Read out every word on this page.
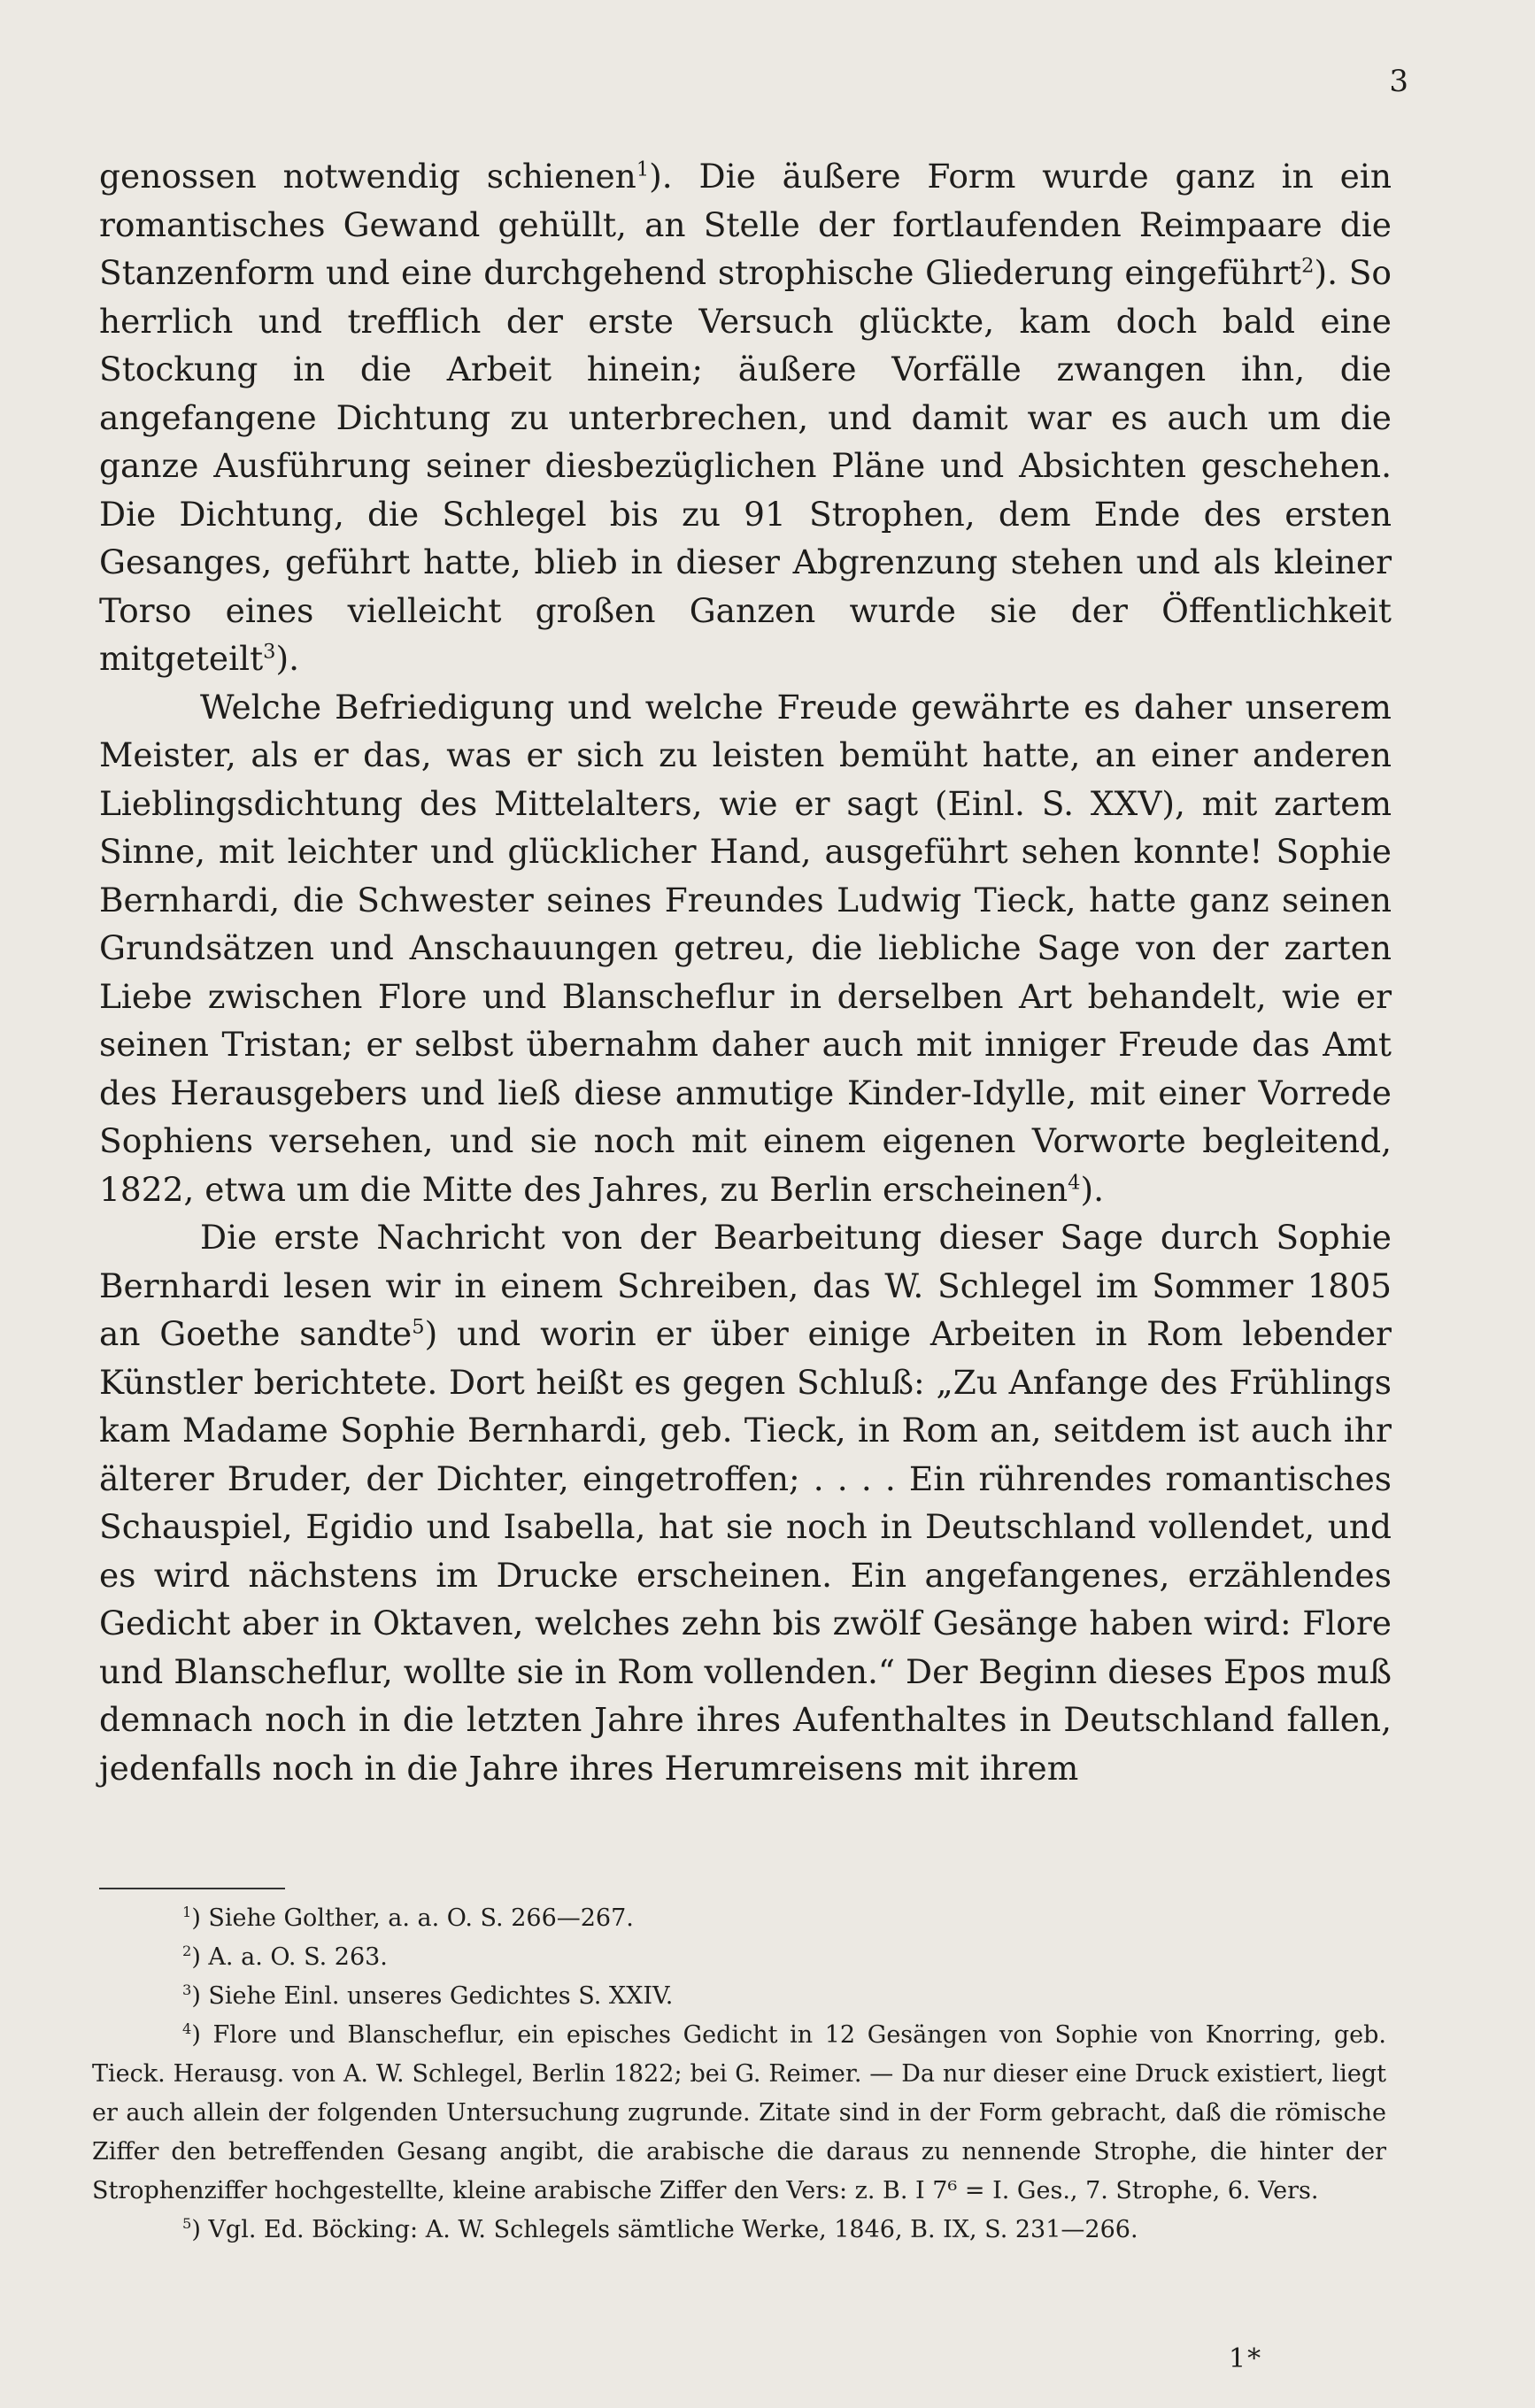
3

genossen notwendig schienen$^1$). Die äußere Form wurde ganz in ein romantisches Gewand gehüllt, an Stelle der fortlaufenden Reimpaare die Stanzenform und eine durchgehend strophische Gliederung eingeführt$^2$). So herrlich und trefflich der erste Versuch glückte, kam doch bald eine Stockung in die Arbeit hinein; äußere Vorfälle zwangen ihn, die angefangene Dichtung zu unterbrechen, und damit war es auch um die ganze Ausführung seiner diesbezüglichen Pläne und Absichten geschehen. Die Dichtung, die Schlegel bis zu 91 Strophen, dem Ende des ersten Gesanges, geführt hatte, blieb in dieser Abgrenzung stehen und als kleiner Torso eines vielleicht großen Ganzen wurde sie der Öffentlichkeit mitgeteilt$^3$).

Welche Befriedigung und welche Freude gewährte es daher unserem Meister, als er das, was er sich zu leisten bemüht hatte, an einer anderen Lieblingsdichtung des Mittelalters, wie er sagt (Einl. S. XXV), mit zartem Sinne, mit leichter und glücklicher Hand, ausgeführt sehen konnte! Sophie Bernhardi, die Schwester seines Freundes Ludwig Tieck, hatte ganz seinen Grundsätzen und Anschauungen getreu, die liebliche Sage von der zarten Liebe zwischen Flore und Blanscheflur in derselben Art behandelt, wie er seinen Tristan; er selbst übernahm daher auch mit inniger Freude das Amt des Herausgebers und ließ diese anmutige Kinder-Idylle, mit einer Vorrede Sophiens versehen, und sie noch mit einem eigenen Vorworte begleitend, 1822, etwa um die Mitte des Jahres, zu Berlin erscheinen$^4$).

Die erste Nachricht von der Bearbeitung dieser Sage durch Sophie Bernhardi lesen wir in einem Schreiben, das W. Schlegel im Sommer 1805 an Goethe sandte$^5$) und worin er über einige Arbeiten in Rom lebender Künstler berichtete. Dort heißt es gegen Schluß: „Zu Anfange des Frühlings kam Madame Sophie Bernhardi, geb. Tieck, in Rom an, seitdem ist auch ihr älterer Bruder, der Dichter, eingetroffen; . . . . Ein rührendes romantisches Schauspiel, Egidio und Isabella, hat sie noch in Deutschland vollendet, und es wird nächstens im Drucke erscheinen. Ein angefangenes, erzählendes Gedicht aber in Oktaven, welches zehn bis zwölf Gesänge haben wird: Flore und Blanscheflur, wollte sie in Rom vollenden.“ Der Beginn dieses Epos muß demnach noch in die letzten Jahre ihres Aufenthaltes in Deutschland fallen, jedenfalls noch in die Jahre ihres Herumreisens mit ihrem

$^1$) Siehe Golther, a. a. O. S. 266—267.

$^2$) A. a. O. S. 263.

$^3$) Siehe Einl. unseres Gedichtes S. XXIV.

$^4$) Flore und Blanscheflur, ein episches Gedicht in 12 Gesängen von Sophie von Knorring, geb. Tieck. Herausg. von A. W. Schlegel, Berlin 1822; bei G. Reimer. — Da nur dieser eine Druck existiert, liegt er auch allein der folgenden Untersuchung zugrunde. Zitate sind in der Form gebracht, daß die römische Ziffer den betreffenden Gesang angibt, die arabische die daraus zu nennende Strophe, die hinter der Strophenziffer hochgestellte, kleine arabische Ziffer den Vers: z. B. I 7⁶ = I. Ges., 7. Strophe, 6. Vers.

$^5$) Vgl. Ed. Böcking: A. W. Schlegels sämtliche Werke, 1846, B. IX, S. 231—266.

1*
